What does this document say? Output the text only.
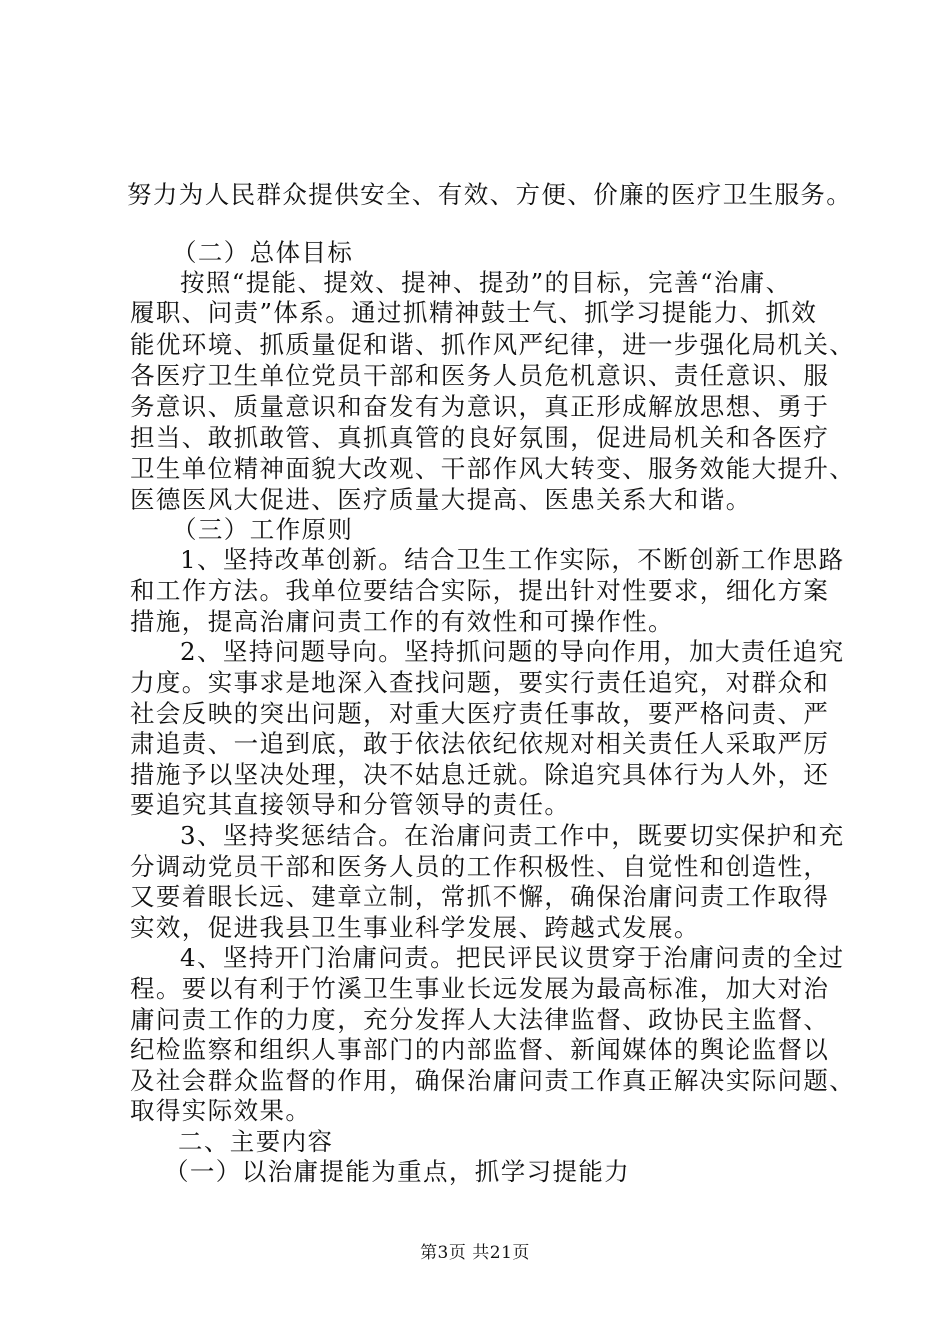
努力为人民群众提供安全、有效、方便、价廉的医疗卫生服务。
（二）总体目标
按照“提能、提效、提神、提劲”的目标，完善“治庸、
履职、问责”体系。通过抓精神鼓士气、抓学习提能力、抓效
能优环境、抓质量促和谐、抓作风严纪律，进一步强化局机关、
各医疗卫生单位党员干部和医务人员危机意识、责任意识、服
务意识、质量意识和奋发有为意识，真正形成解放思想、勇于
担当、敢抓敢管、真抓真管的良好氛围，促进局机关和各医疗
卫生单位精神面貌大改观、干部作风大转变、服务效能大提升、
医德医风大促进、医疗质量大提高、医患关系大和谐。
（三）工作原则
1、坚持改革创新。结合卫生工作实际，不断创新工作思路
和工作方法。我单位要结合实际，提出针对性要求，细化方案
措施，提高治庸问责工作的有效性和可操作性。
2、坚持问题导向。坚持抓问题的导向作用，加大责任追究
力度。实事求是地深入查找问题，要实行责任追究，对群众和
社会反映的突出问题，对重大医疗责任事故，要严格问责、严
肃追责、一追到底，敢于依法依纪依规对相关责任人采取严厉
措施予以坚决处理，决不姑息迁就。除追究具体行为人外，还
要追究其直接领导和分管领导的责任。
3、坚持奖惩结合。在治庸问责工作中，既要切实保护和充
分调动党员干部和医务人员的工作积极性、自觉性和创造性，
又要着眼长远、建章立制，常抓不懈，确保治庸问责工作取得
实效，促进我县卫生事业科学发展、跨越式发展。
4、坚持开门治庸问责。把民评民议贯穿于治庸问责的全过
程。要以有利于竹溪卫生事业长远发展为最高标准，加大对治
庸问责工作的力度，充分发挥人大法律监督、政协民主监督、
纪检监察和组织人事部门的内部监督、新闻媒体的舆论监督以
及社会群众监督的作用，确保治庸问责工作真正解决实际问题、
取得实际效果。
二、主要内容
（一）以治庸提能为重点，抓学习提能力
第3页 共21页
